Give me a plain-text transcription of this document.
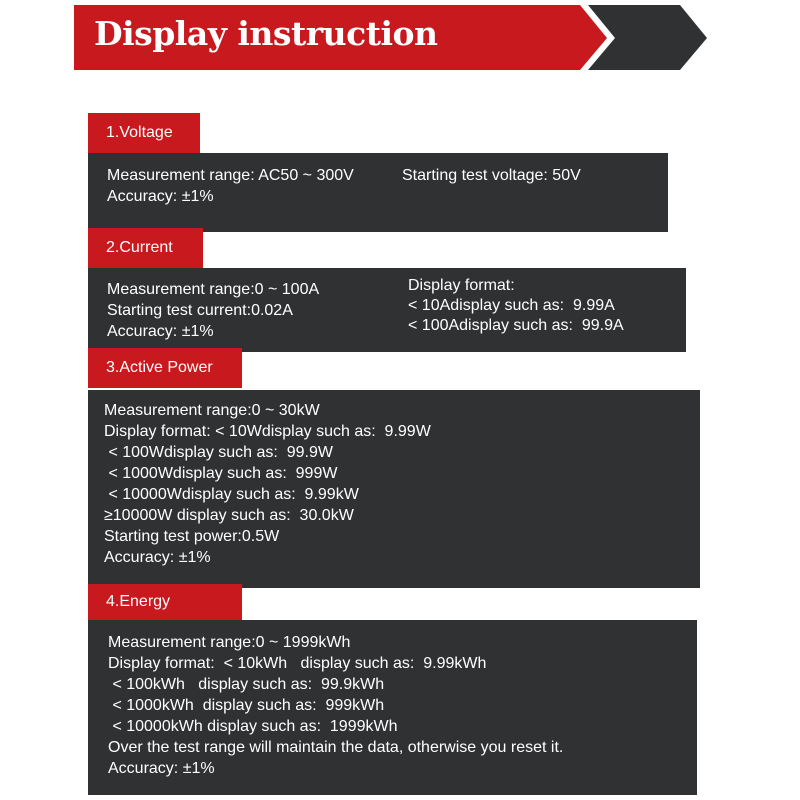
Display instruction
Measurement range: AC50 ~ 300V
Accuracy: ±1%
Starting test voltage: 50V
1.Voltage
Measurement range:0 ~ 100A
Starting test current:0.02A
Accuracy: ±1%
Display format:
< 10Adisplay such as:  9.99A
< 100Adisplay such as:  99.9A
2.Current
Measurement range:0 ~ 30kW
Display format: < 10Wdisplay such as:  9.99W
< 100Wdisplay such as:  99.9W
< 1000Wdisplay such as:  999W
< 10000Wdisplay such as:  9.99kW
≥10000W display such as:  30.0kW
Starting test power:0.5W
Accuracy: ±1%
3.Active Power
Measurement range:0 ~ 1999kWh
Display format:  < 10kWh   display such as:  9.99kWh
< 100kWh   display such as:  99.9kWh
< 1000kWh  display such as:  999kWh
< 10000kWh display such as:  1999kWh
Over the test range will maintain the data, otherwise you reset it.
Accuracy: ±1%
4.Energy
